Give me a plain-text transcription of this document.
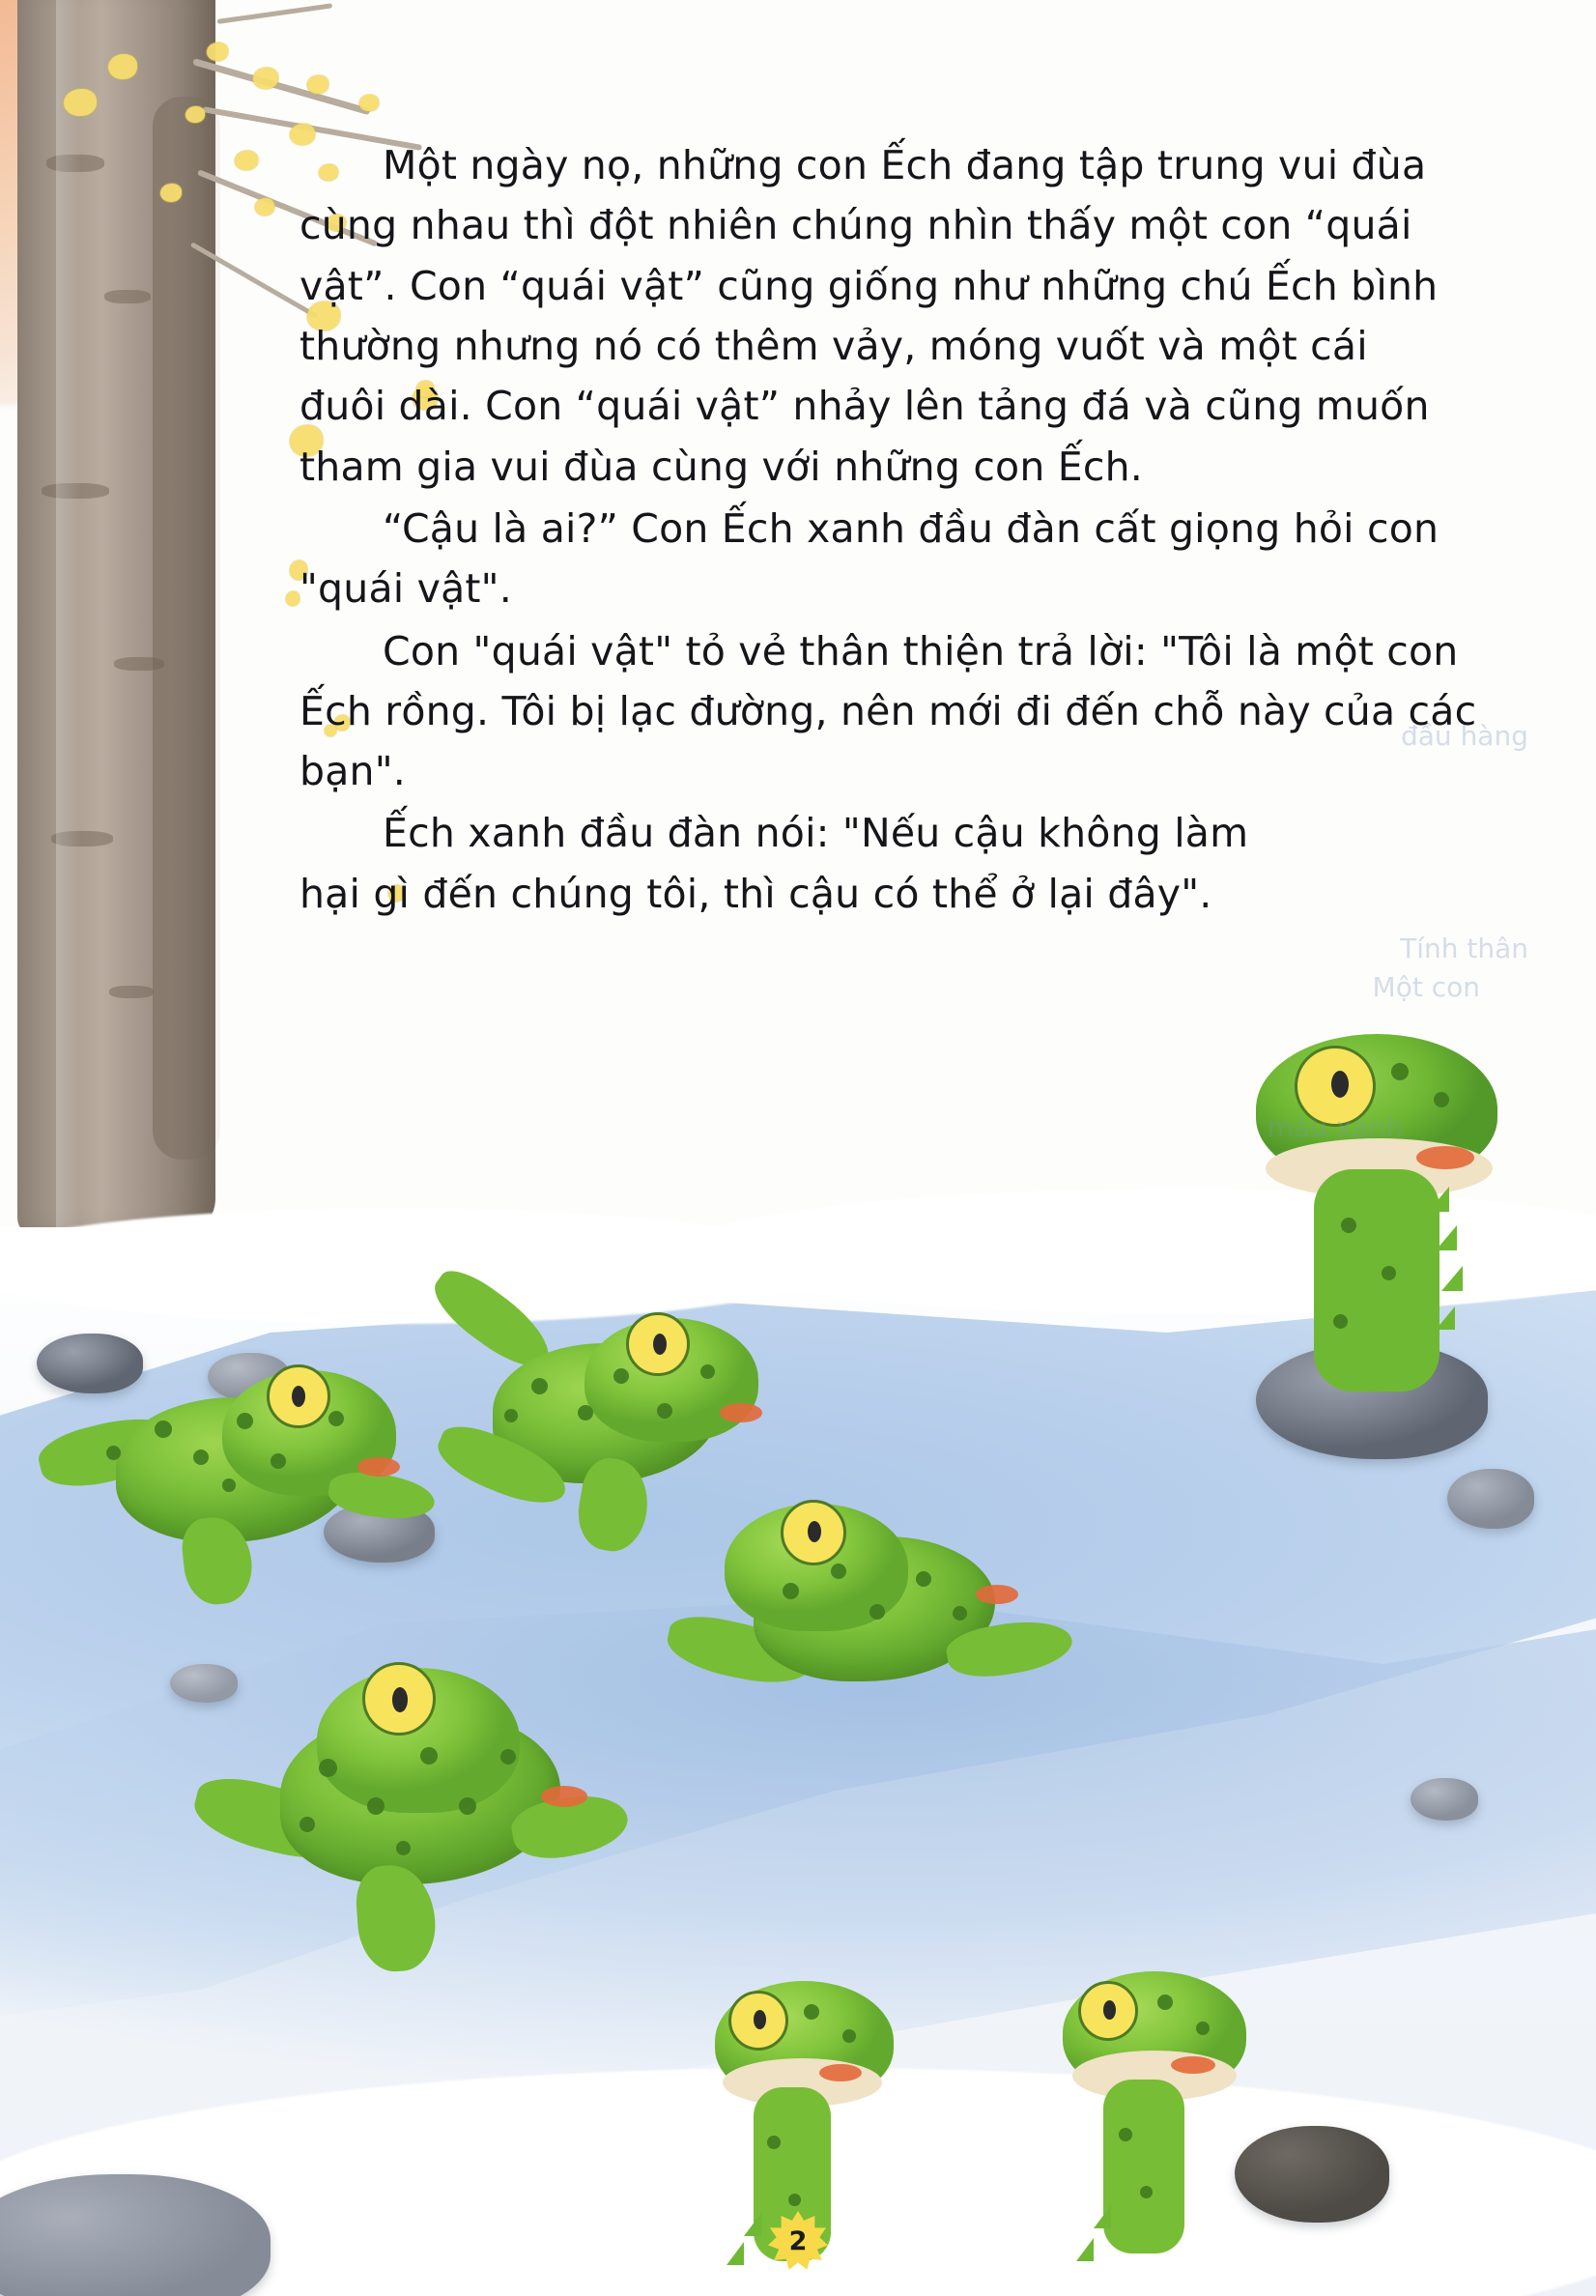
đầu hàng
Tính thân
Một con
màu xanh

Một ngày nọ, những con Ếch đang tập trung vui đùa cùng nhau thì đột nhiên chúng nhìn thấy một con “quái vật”. Con “quái vật” cũng giống như những chú Ếch bình thường nhưng nó có thêm vảy, móng vuốt và một cái đuôi dài. Con “quái vật” nhảy lên tảng đá và cũng muốn tham gia vui đùa cùng với những con Ếch.

“Cậu là ai?” Con Ếch xanh đầu đàn cất giọng hỏi con "quái vật".

Con "quái vật" tỏ vẻ thân thiện trả lời: "Tôi là một con Ếch rồng. Tôi bị lạc đường, nên mới đi đến chỗ này của các bạn".

Ếch xanh đầu đàn nói: "Nếu cậu không làm hại gì đến chúng tôi, thì cậu có thể ở lại đây".

2
